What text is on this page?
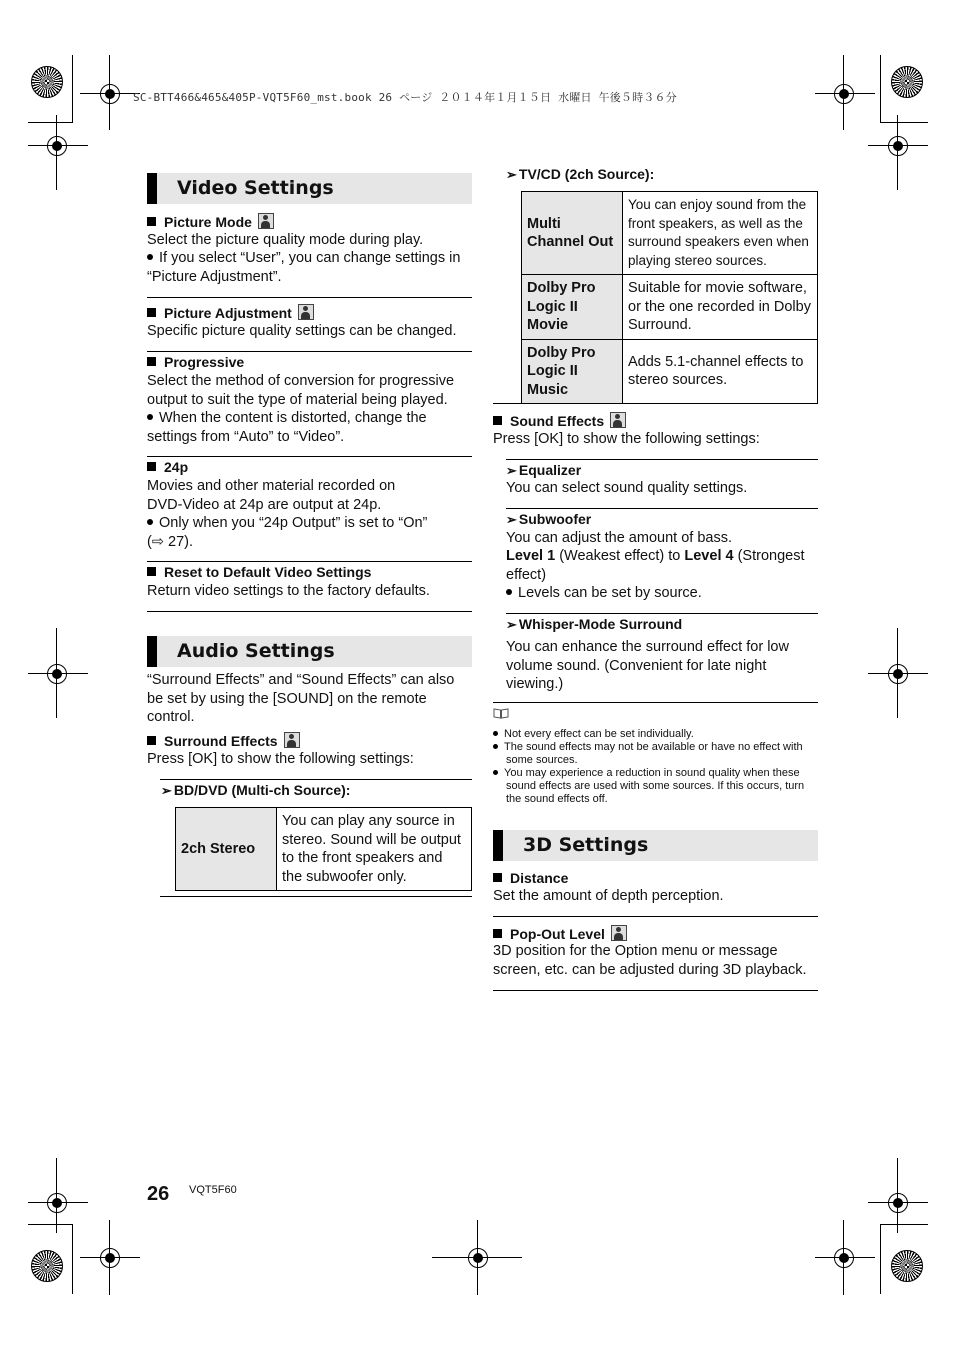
SC-BTT466&465&405P-VQT5F60_mst.book 26 ページ ２０１４年１月１５日 水曜日 午後５時３６分
Video Settings
Picture Mode
Select the picture quality mode during play.
If you select “User”, you can change settings in “Picture Adjustment”.
Picture Adjustment
Specific picture quality settings can be changed.
Progressive
Select the method of conversion for progressive output to suit the type of material being played.
When the content is distorted, change the settings from “Auto” to “Video”.
24p
Movies and other material recorded on DVD-Video at 24p are output at 24p.
Only when you “24p Output” is set to “On” (⇨ 27).
Reset to Default Video Settings
Return video settings to the factory defaults.
Audio Settings
“Surround Effects” and “Sound Effects” can also be set by using the [SOUND] on the remote control.
Surround Effects
Press [OK] to show the following settings:
➢ BD/DVD (Multi-ch Source):
2ch Stereo	You can play any source in stereo. Sound will be output to the front speakers and the subwoofer only.
➢ TV/CD (2ch Source):
Multi Channel Out	You can enjoy sound from the front speakers, as well as the surround speakers even when playing stereo sources.
Dolby Pro Logic II Movie	Suitable for movie software, or the one recorded in Dolby Surround.
Dolby Pro Logic II Music	Adds 5.1-channel effects to stereo sources.
Sound Effects
Press [OK] to show the following settings:
➢ Equalizer
You can select sound quality settings.
➢ Subwoofer
You can adjust the amount of bass.
Level 1 (Weakest effect) to Level 4 (Strongest effect)
Levels can be set by source.
➢ Whisper-Mode Surround
You can enhance the surround effect for low volume sound. (Convenient for late night viewing.)
Not every effect can be set individually.
The sound effects may not be available or have no effect with some sources.
You may experience a reduction in sound quality when these sound effects are used with some sources. If this occurs, turn the sound effects off.
3D Settings
Distance
Set the amount of depth perception.
Pop-Out Level
3D position for the Option menu or message screen, etc. can be adjusted during 3D playback.
26 VQT5F60
